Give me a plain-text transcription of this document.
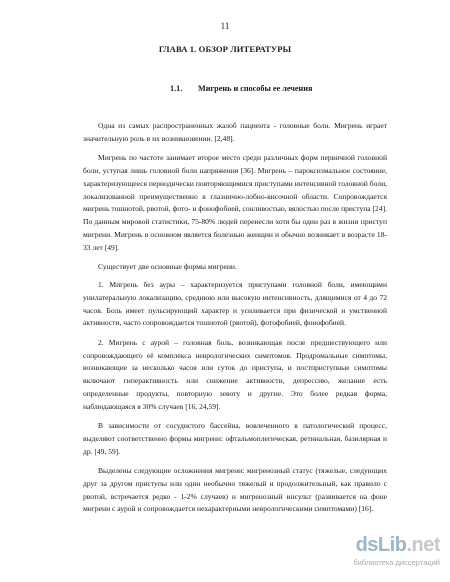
11
ГЛАВА 1. ОБЗОР ЛИТЕРАТУРЫ
1.1. Мигрень и способы ее лечения

Одна из самых распространенных жалоб пациента - головные боли. Мигрень играет значительную роль в их возникновении. [2,48].

Мигрень по частоте занимает второе место среди различных форм первичной головной боли, уступая лишь головной боли напряжения [36]. Мигрень – пароксизмальное состояние, характеризующееся периодически повторяющимися приступами интенсивной головной боли, локализованной преимущественно в глазнично-лобно-височной области. Сопровождается мигрень тошнотой, рвотой, фото- и фонофобией, сонливостью, вялостью после приступа [24]. По данным мировой статистики, 75-80% людей перенесли хотя бы один раз в жизни приступ мигрени. Мигрень в основном является болезнью женщин и обычно возникает в возрасте 18-33 лет [49].

Существует две основные формы мигрени.

1. Мигрень без ауры – характеризуется приступами головной боли, имеющими унилатеральную локализацию, среднюю или высокую интенсивность, длящимися от 4 до 72 часов. Боль имеет пульсирующий характер и усиливается при физической и умственной активности, часто сопровождается тошнотой (рвотой), фотофобией, фонофобией.

2. Мигрень с аурой – головная боль, возникающая после предшествующего или сопровождающего её комплекса неврологических симптомов. Продромальные симптомы, возникающие за несколько часов или суток до приступа, и постприступные симптомы включают гиперактивность или снижение активности, депрессию, желание есть определенные продукты, повторную зевоту и другие. Это более редкая форма, наблюдающаяся в 30% случаев [16, 24,59].

В зависимости от сосудистого бассейна, вовлеченного в патологический процесс, выделяют соответственно формы мигрени: офтальмоплегическая, ретинальная, базилярная и др. [49, 59].

Выделены следующие осложнения мигрени: мигренозный статус (тяжелые, следующих друг за другом приступы или один необычно тяжелый и продолжительный, как правило с рвотой, встречается редко - 1-2% случаев) и мигренозный инсульт (развивается на фоне мигрени с аурой и сопровождается нехарактерными неврологическими симптомами) [16].

dsLib.net
библиотека диссертаций
